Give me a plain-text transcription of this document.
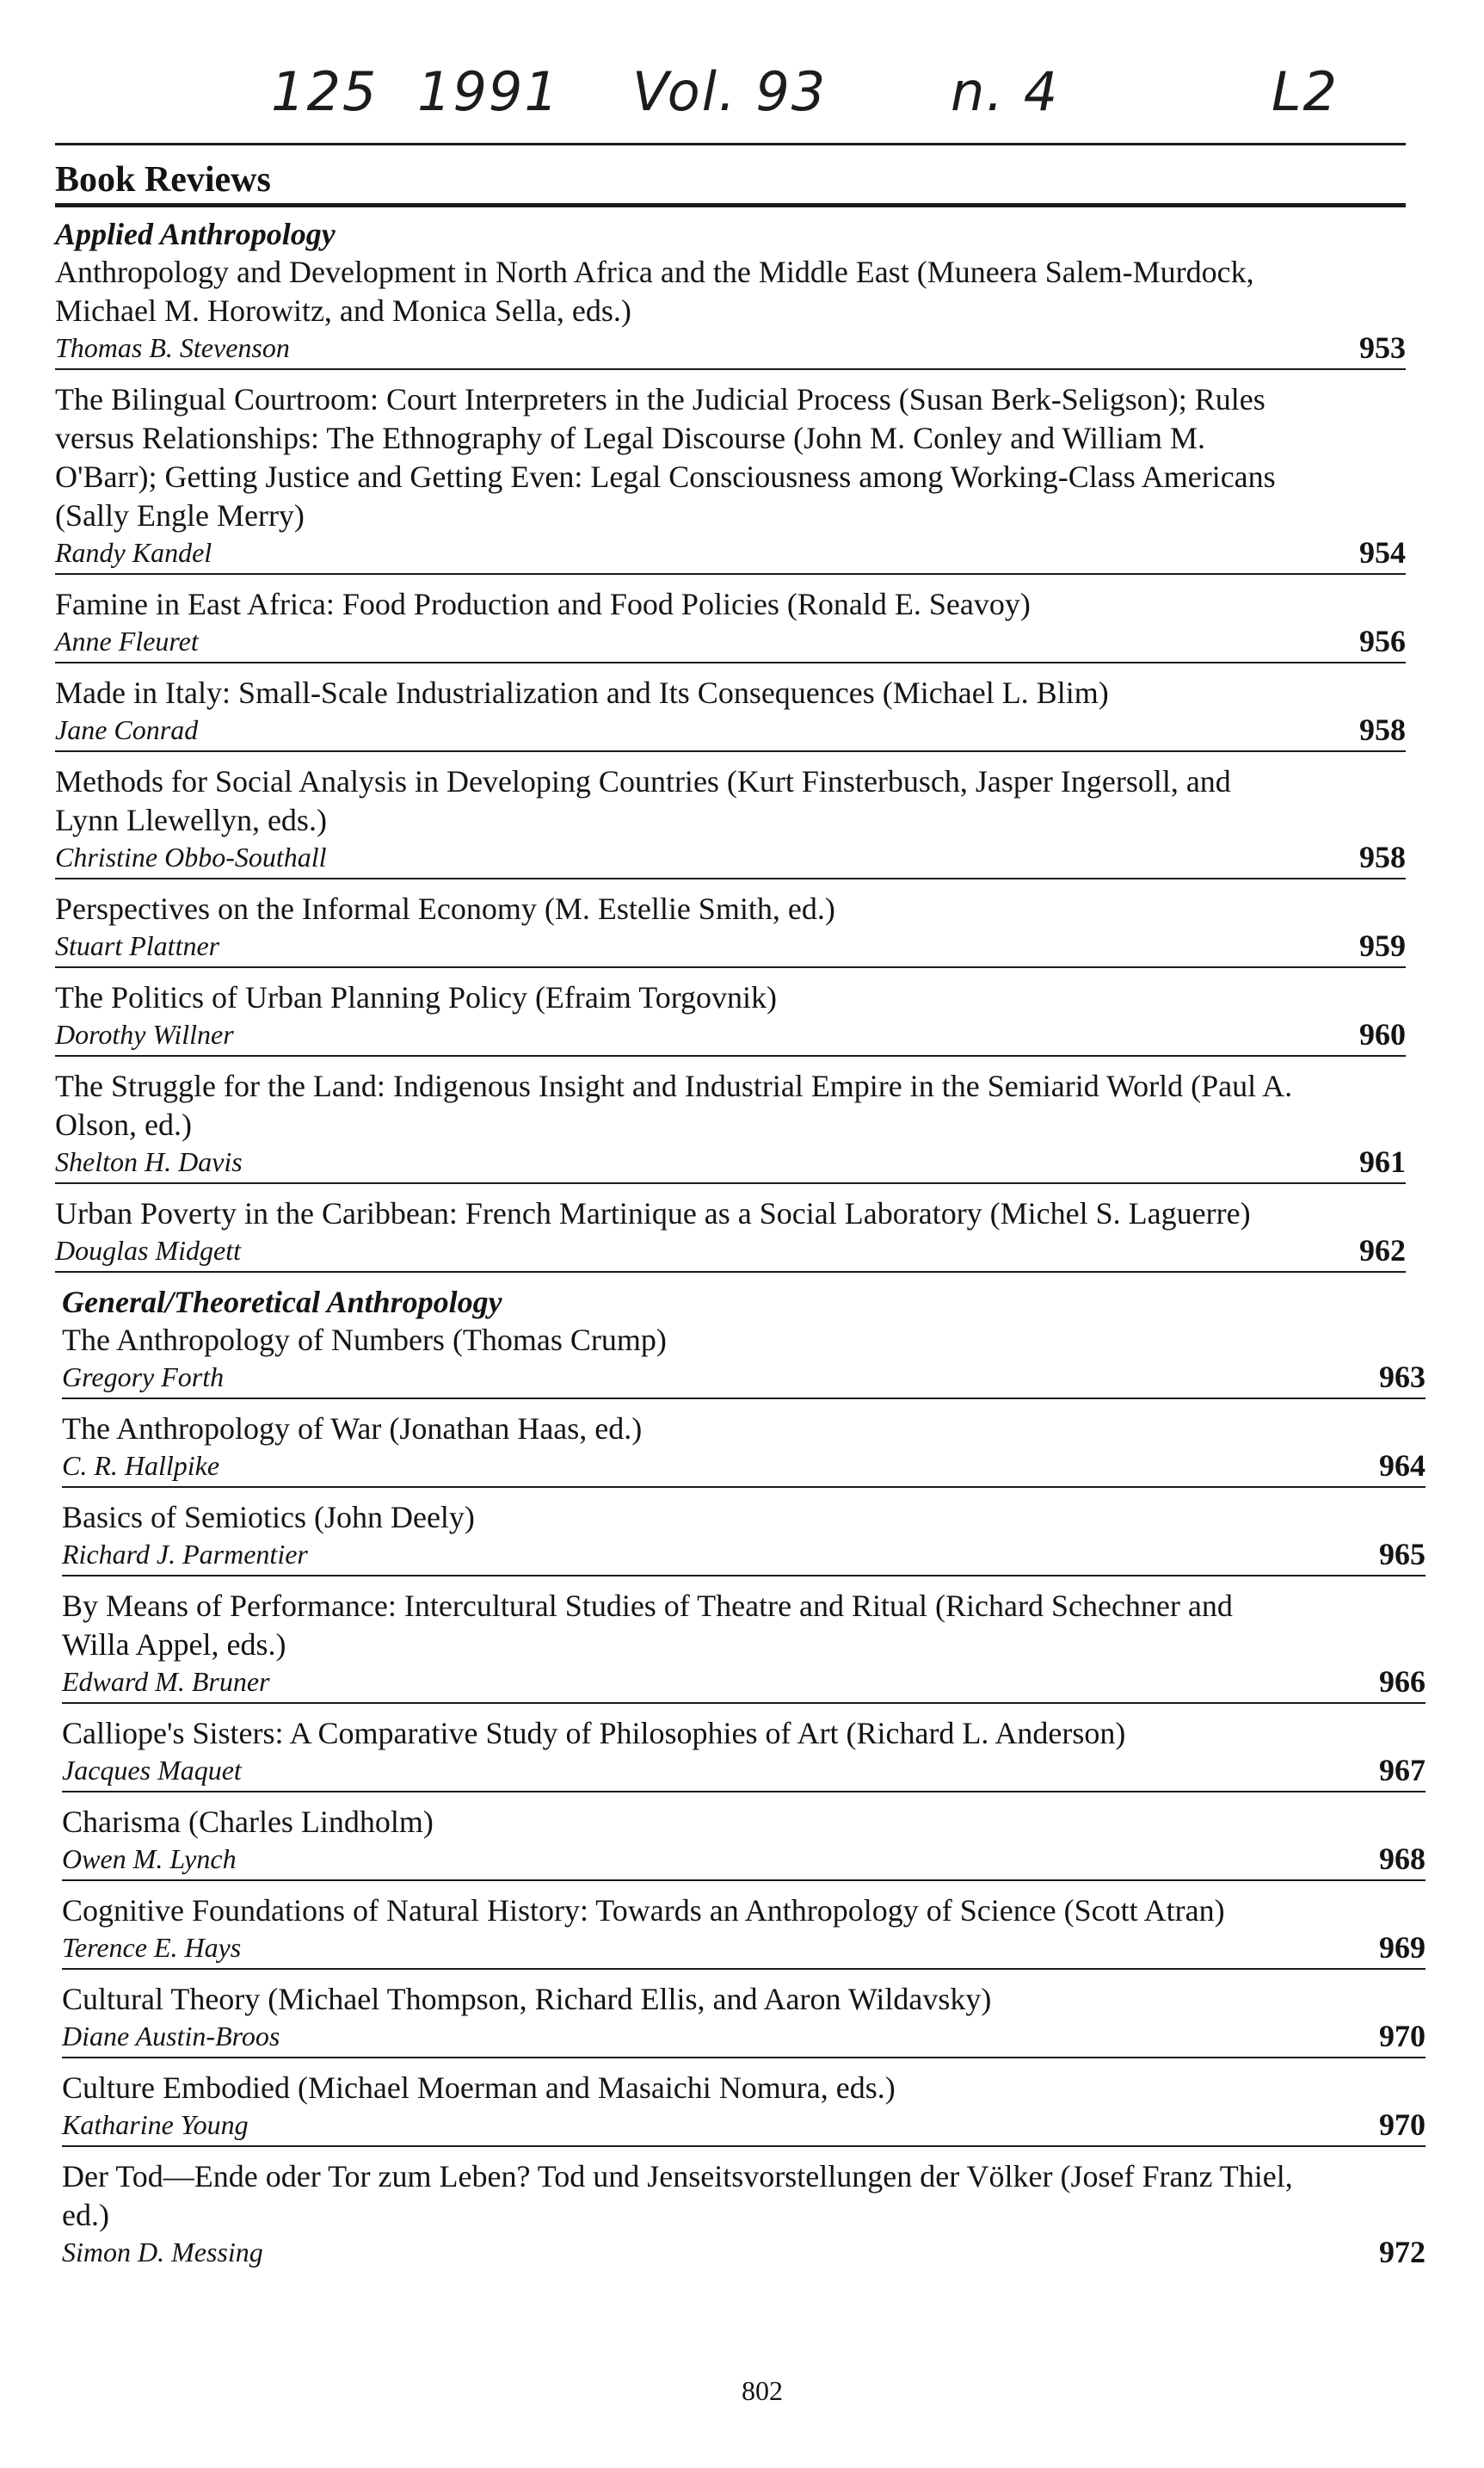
125 1991 Vol. 93 n. 4	L2
Book Reviews
Applied Anthropology
Anthropology and Development in North Africa and the Middle East (Muneera Salem-Murdock, Michael M. Horowitz, and Monica Sella, eds.)
Thomas B. Stevenson	953
The Bilingual Courtroom: Court Interpreters in the Judicial Process (Susan Berk-Seligson); Rules versus Relationships: The Ethnography of Legal Discourse (John M. Conley and William M. O'Barr); Getting Justice and Getting Even: Legal Consciousness among Working-Class Americans (Sally Engle Merry)
Randy Kandel	954
Famine in East Africa: Food Production and Food Policies (Ronald E. Seavoy)
Anne Fleuret	956
Made in Italy: Small-Scale Industrialization and Its Consequences (Michael L. Blim)
Jane Conrad	958
Methods for Social Analysis in Developing Countries (Kurt Finsterbusch, Jasper Ingersoll, and Lynn Llewellyn, eds.)
Christine Obbo-Southall	958
Perspectives on the Informal Economy (M. Estellie Smith, ed.)
Stuart Plattner	959
The Politics of Urban Planning Policy (Efraim Torgovnik)
Dorothy Willner	960
The Struggle for the Land: Indigenous Insight and Industrial Empire in the Semiarid World (Paul A. Olson, ed.)
Shelton H. Davis	961
Urban Poverty in the Caribbean: French Martinique as a Social Laboratory (Michel S. Laguerre)
Douglas Midgett	962
General/Theoretical Anthropology
The Anthropology of Numbers (Thomas Crump)
Gregory Forth	963
The Anthropology of War (Jonathan Haas, ed.)
C. R. Hallpike	964
Basics of Semiotics (John Deely)
Richard J. Parmentier	965
By Means of Performance: Intercultural Studies of Theatre and Ritual (Richard Schechner and Willa Appel, eds.)
Edward M. Bruner	966
Calliope's Sisters: A Comparative Study of Philosophies of Art (Richard L. Anderson)
Jacques Maquet	967
Charisma (Charles Lindholm)
Owen M. Lynch	968
Cognitive Foundations of Natural History: Towards an Anthropology of Science (Scott Atran)
Terence E. Hays	969
Cultural Theory (Michael Thompson, Richard Ellis, and Aaron Wildavsky)
Diane Austin-Broos	970
Culture Embodied (Michael Moerman and Masaichi Nomura, eds.)
Katharine Young	970
Der Tod—Ende oder Tor zum Leben? Tod und Jenseitsvorstellungen der Völker (Josef Franz Thiel, ed.)
Simon D. Messing	972
802
